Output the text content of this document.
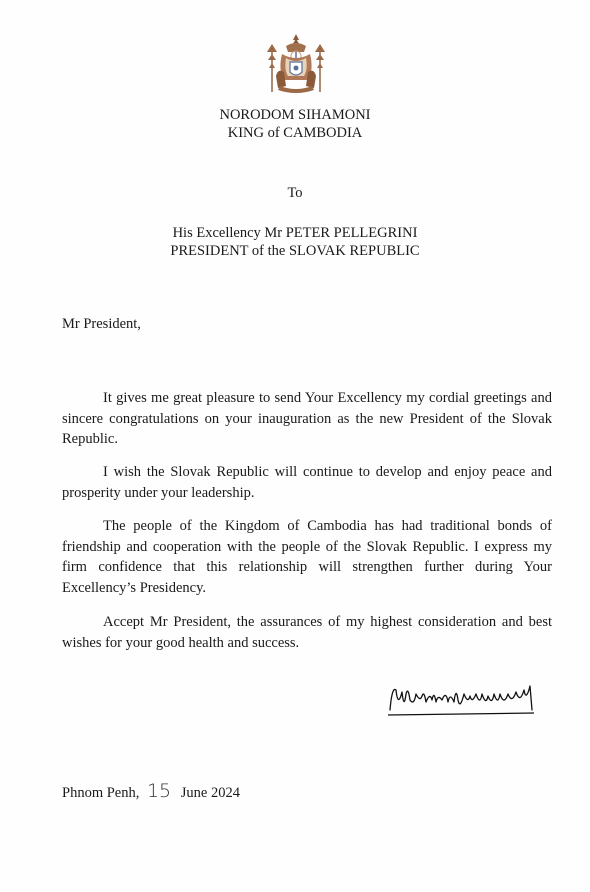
NORODOM SIHAMONI
KING of CAMBODIA
To
His Excellency Mr PETER PELLEGRINI
PRESIDENT of the SLOVAK REPUBLIC
Mr President,

It gives me great pleasure to send Your Excellency my cordial greetings and sincere congratulations on your inauguration as the new President of the Slovak Republic.

I wish the Slovak Republic will continue to develop and enjoy peace and prosperity under your leadership.

The people of the Kingdom of Cambodia has had traditional bonds of friendship and cooperation with the people of the Slovak Republic. I express my firm confidence that this relationship will strengthen further during Your Excellency’s Presidency.

Accept Mr President, the assurances of my highest consideration and best wishes for your good health and success.

Phnom Penh, 15 June 2024
